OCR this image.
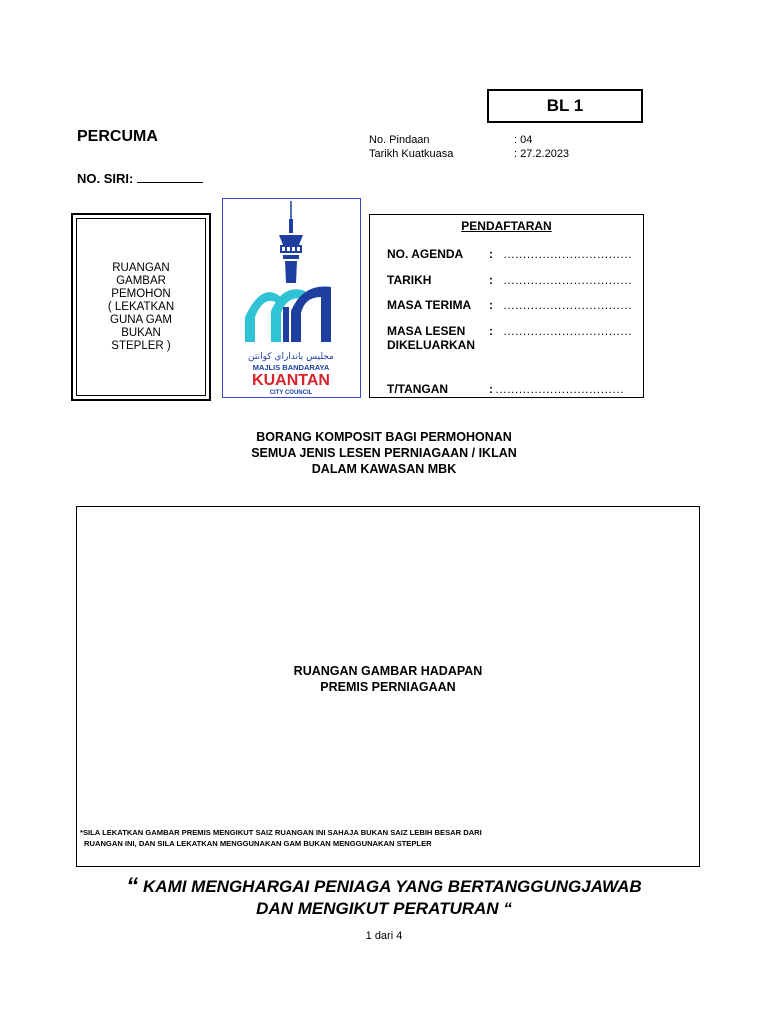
BL 1
PERCUMA
NO. SIRI:
No. Pindaan	: 04
Tarikh Kuatkuasa	: 27.2.2023
RUANGAN
GAMBAR
PEMOHON
( LEKATKAN
GUNA GAM
BUKAN
STEPLER )
مجليس بانداراي كوانتن
MAJLIS BANDARAYA
KUANTAN
CITY COUNCIL
PENDAFTARAN
NO. AGENDA : ……………………………
TARIKH	: ……………………………
MASA TERIMA : ……………………………
MASA LESEN
DIKELUARKAN
: ……………………………
T/TANGAN	: ……………………………
BORANG KOMPOSIT BAGI PERMOHONAN
SEMUA JENIS LESEN PERNIAGAAN / IKLAN
DALAM KAWASAN MBK
RUANGAN GAMBAR HADAPAN
PREMIS PERNIAGAAN
*SILA LEKATKAN GAMBAR PREMIS MENGIKUT SAIZ RUANGAN INI SAHAJA BUKAN SAIZ LEBIH BESAR DARI
RUANGAN INI, DAN SILA LEKATKAN MENGGUNAKAN GAM BUKAN MENGGUNAKAN STEPLER
“ KAMI MENGHARGAI PENIAGA YANG BERTANGGUNGJAWAB
DAN MENGIKUT PERATURAN “
1 dari 4
